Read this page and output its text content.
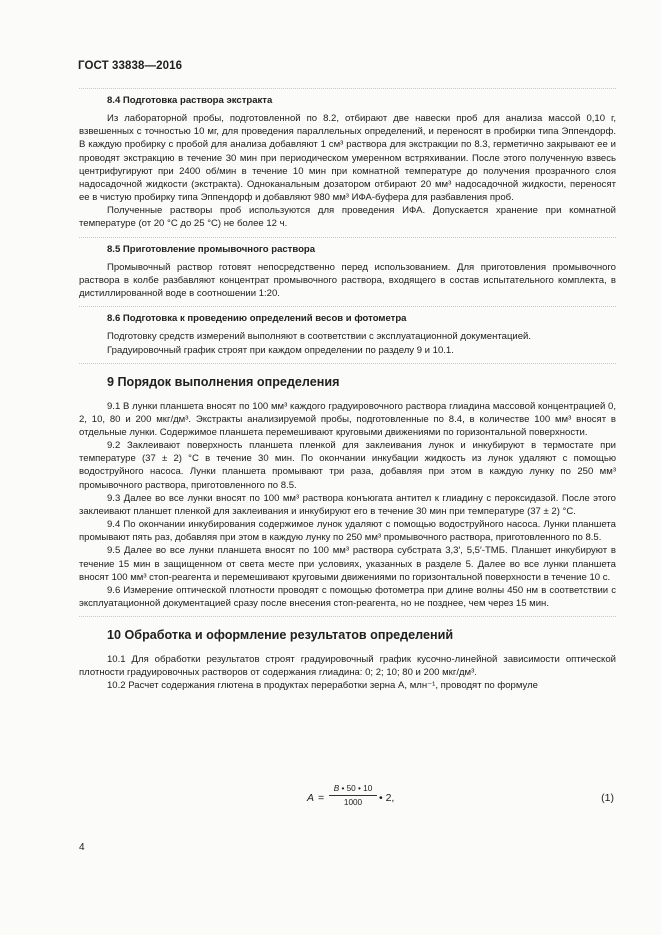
ГОСТ 33838—2016
8.4 Подготовка раствора экстракта

Из лабораторной пробы, подготовленной по 8.2, отбирают две навески проб для анализа массой 0,10 г, взвешенных с точностью 10 мг, для проведения параллельных определений, и переносят в пробирки типа Эппендорф. В каждую пробирку с пробой для анализа добавляют 1 см³ раствора для экстракции по 8.3, герметично закрывают ее и проводят экстракцию в течение 30 мин при периодическом умеренном встряхивании. После этого полученную взвесь центрифугируют при 2400 об/мин в течение 10 мин при комнатной температуре до получения прозрачного слоя надосадочной жидкости (экстракта). Одноканальным дозатором отбирают 20 мм³ надосадочной жидкости, переносят ее в чистую пробирку типа Эппендорф и добавляют 980 мм³ ИФА-буфера для разбавления проб.

Полученные растворы проб используются для проведения ИФА. Допускается хранение при комнатной температуре (от 20 °С до 25 °С) не более 12 ч.

8.5 Приготовление промывочного раствора

Промывочный раствор готовят непосредственно перед использованием. Для приготовления промывочного раствора в колбе разбавляют концентрат промывочного раствора, входящего в состав испытательного комплекта, в дистиллированной воде в соотношении 1:20.

8.6 Подготовка к проведению определений весов и фотометра

Подготовку средств измерений выполняют в соответствии с эксплуатационной документацией.

Градуировочный график строят при каждом определении по разделу 9 и 10.1.

9 Порядок выполнения определения

9.1 В лунки планшета вносят по 100 мм³ каждого градуировочного раствора глиадина массовой концентрацией 0, 2, 10, 80 и 200 мкг/дм³. Экстракты анализируемой пробы, подготовленные по 8.4, в количестве 100 мм³ вносят в отдельные лунки. Содержимое планшета перемешивают круговыми движениями по горизонтальной поверхности.

9.2 Заклеивают поверхность планшета пленкой для заклеивания лунок и инкубируют в термостате при температуре (37 ± 2) °С в течение 30 мин. По окончании инкубации жидкость из лунок удаляют с помощью водоструйного насоса. Лунки планшета промывают три раза, добавляя при этом в каждую лунку по 250 мм³ промывочного раствора, приготовленного по 8.5.

9.3 Далее во все лунки вносят по 100 мм³ раствора конъюгата антител к глиадину с пероксидазой. После этого заклеивают планшет пленкой для заклеивания и инкубируют его в течение 30 мин при температуре (37 ± 2) °С.

9.4 По окончании инкубирования содержимое лунок удаляют с помощью водоструйного насоса. Лунки планшета промывают пять раз, добавляя при этом в каждую лунку по 250 мм³ промывочного раствора, приготовленного по 8.5.

9.5 Далее во все лунки планшета вносят по 100 мм³ раствора субстрата 3,3′, 5,5′-ТМБ. Планшет инкубируют в течение 15 мин в защищенном от света месте при условиях, указанных в разделе 5. Далее во все лунки планшета вносят 100 мм³ стоп-реагента и перемешивают круговыми движениями по горизонтальной поверхности в течение 10 с.

9.6 Измерение оптической плотности проводят с помощью фотометра при длине волны 450 нм в соответствии с эксплуатационной документацией сразу после внесения стоп-реагента, но не позднее, чем через 15 мин.

10 Обработка и оформление результатов определений

10.1 Для обработки результатов строят градуировочный график кусочно-линейной зависимости оптической плотности градуировочных растворов от содержания глиадина: 0; 2; 10; 80 и 200 мкг/дм³.

10.2 Расчет содержания глютена в продуктах переработки зерна A, млн⁻¹, проводят по формуле

A =
B • 50 • 10
1000	• 2,	(1)
4
